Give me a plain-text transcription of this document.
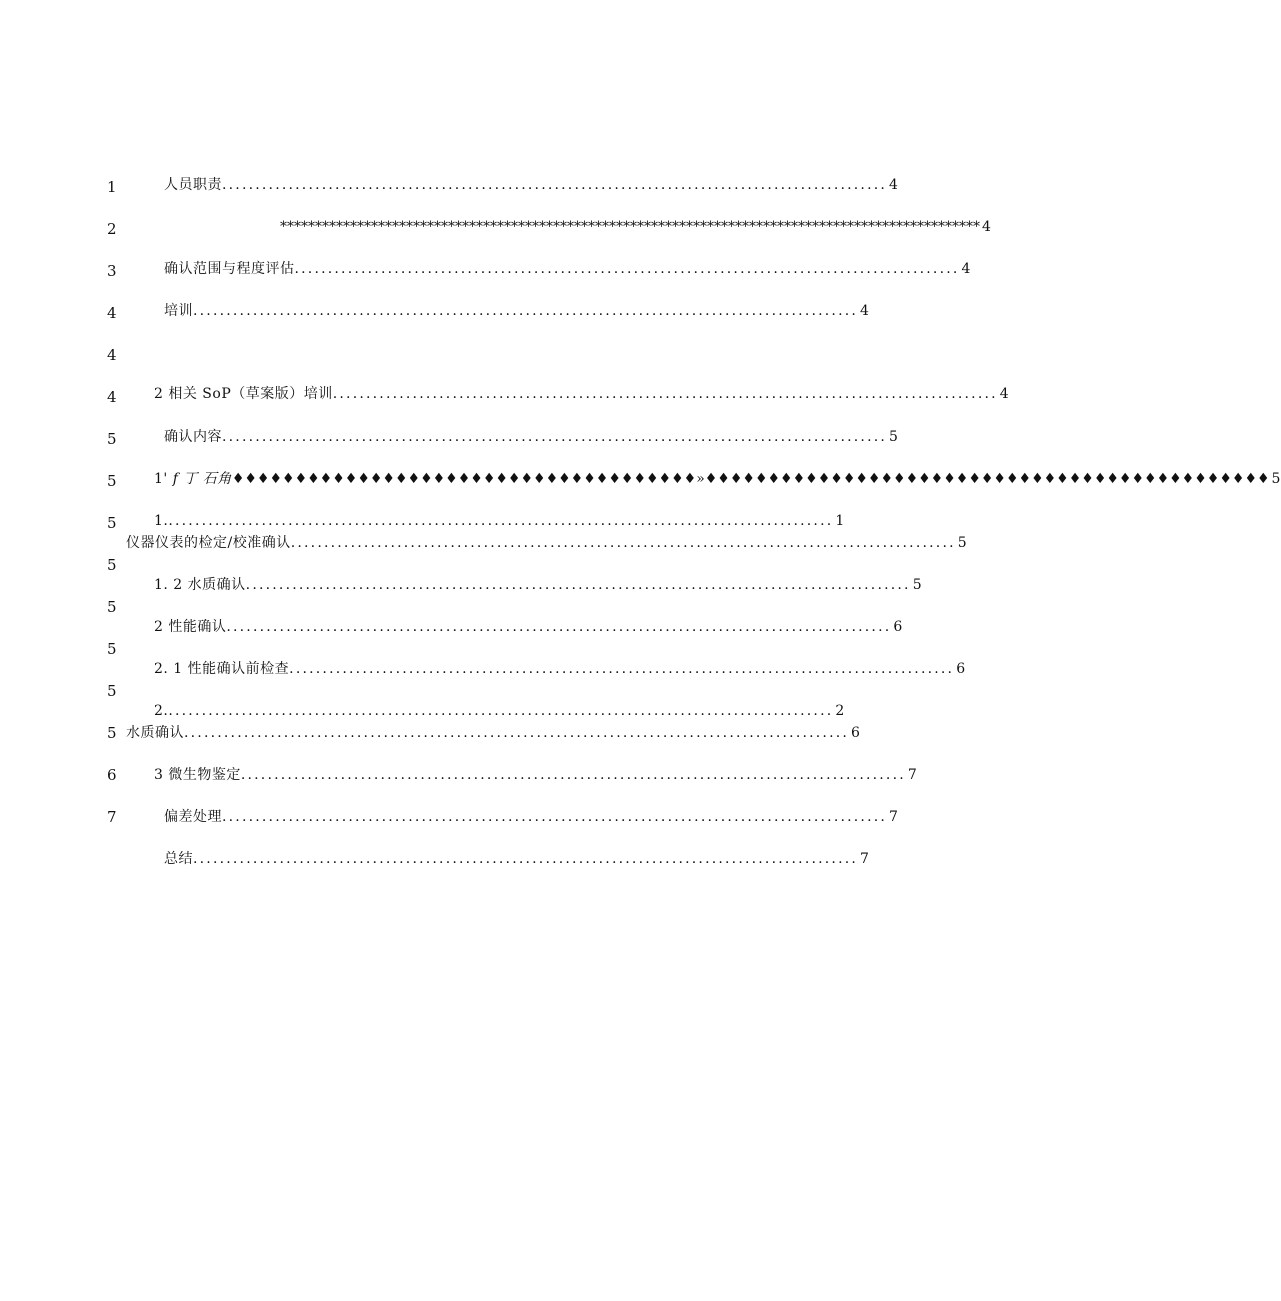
1
2
3
4
4
4
5
5
5
5
5
5
5
5
6
7
人员职责 .................................................................................................... 4
**************************************************************************************************** 4
确认范围与程度评估 .................................................................................................... 4
培训 .................................................................................................... 4
2 相关 SoP（草案版）培训 .................................................................................................... 4
确认内容 .................................................................................................... 5
1 ' f 丁 石角 ♦♦♦♦♦♦♦♦♦♦♦♦♦♦♦♦♦♦♦♦♦♦♦♦♦♦♦♦♦♦♦♦♦♦♦♦♦»♦♦♦♦♦♦♦♦♦♦♦♦♦♦♦♦♦♦♦♦♦♦♦♦♦♦♦♦♦♦♦♦♦♦♦♦♦♦♦♦♦♦♦♦♦ 5
1. .................................................................................................... 1
仪器仪表的检定/校准确认 .................................................................................................... 5
1. 2 水质确认 .................................................................................................... 5
2 性能确认 .................................................................................................... 6
2. 1 性能确认前检查 .................................................................................................... 6
2. .................................................................................................... 2
水质确认 .................................................................................................... 6
3 微生物鉴定 .................................................................................................... 7
偏差处理 .................................................................................................... 7
总结 .................................................................................................... 7
